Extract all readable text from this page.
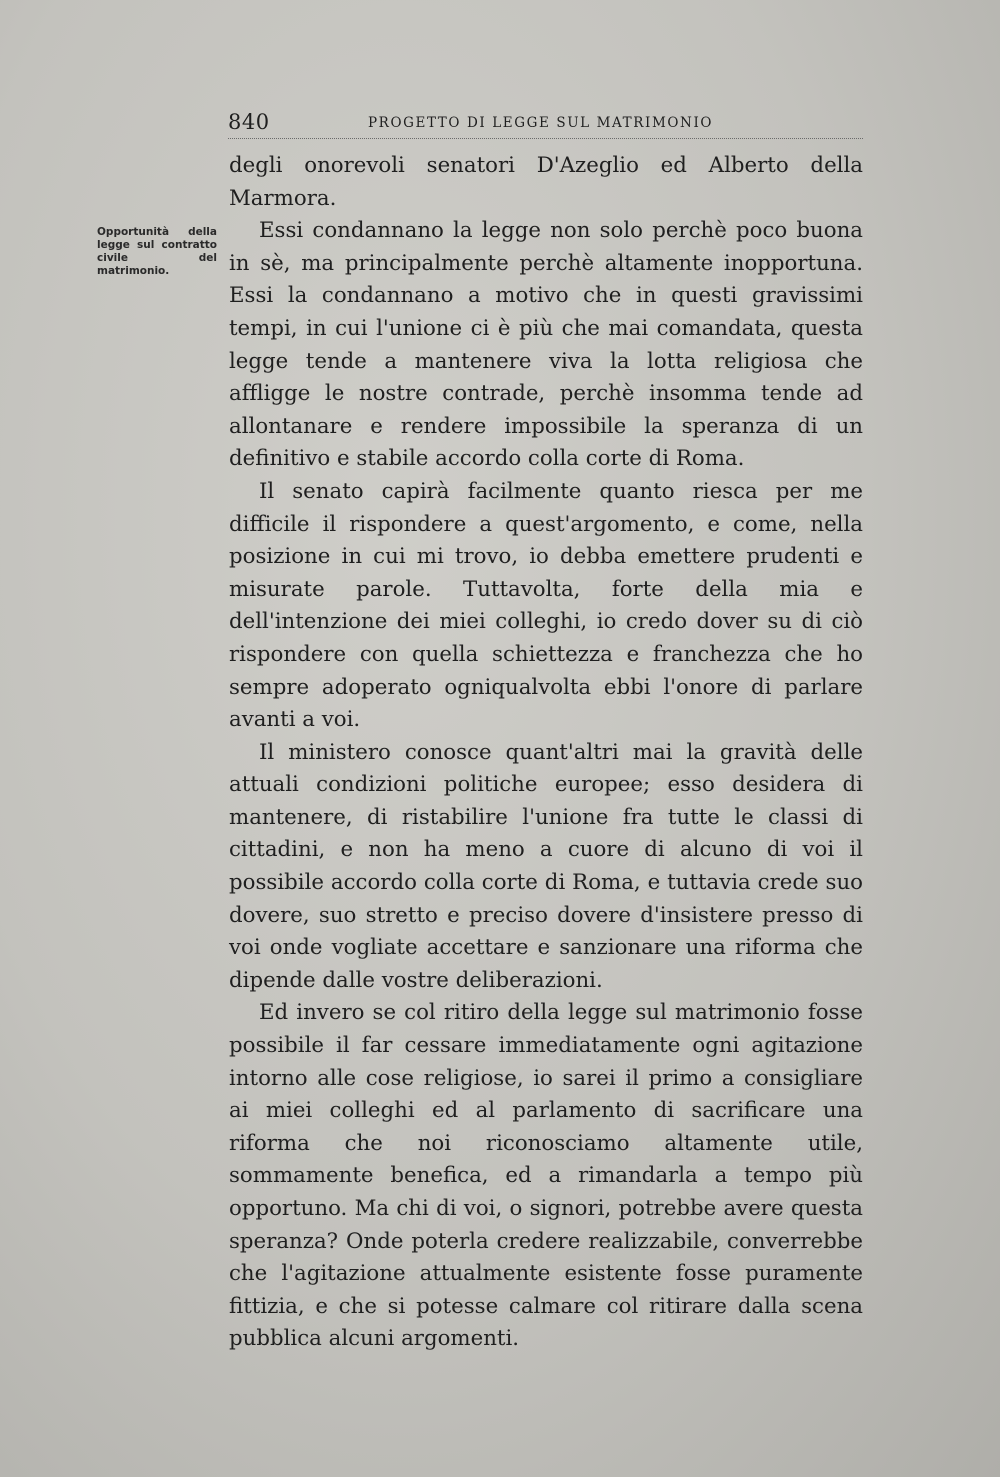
840	PROGETTO DI LEGGE SUL MATRIMONIO
Opportunità della legge sul contratto civile del matrimonio.

degli onorevoli senatori D'Azeglio ed Alberto della Marmora.

Essi condannano la legge non solo perchè poco buona in sè, ma principalmente perchè altamente inopportuna. Essi la condannano a motivo che in questi gravissimi tempi, in cui l'unione ci è più che mai comandata, questa legge tende a mantenere viva la lotta religiosa che affligge le nostre contrade, perchè insomma tende ad allontanare e rendere impossibile la speranza di un definitivo e stabile accordo colla corte di Roma.

Il senato capirà facilmente quanto riesca per me difficile il rispondere a quest'argomento, e come, nella posizione in cui mi trovo, io debba emettere prudenti e misurate parole. Tuttavolta, forte della mia e dell'intenzione dei miei colleghi, io credo dover su di ciò rispondere con quella schiettezza e franchezza che ho sempre adoperato ogniqualvolta ebbi l'onore di parlare avanti a voi.

Il ministero conosce quant'altri mai la gravità delle attuali condizioni politiche europee; esso desidera di mantenere, di ristabilire l'unione fra tutte le classi di cittadini, e non ha meno a cuore di alcuno di voi il possibile accordo colla corte di Roma, e tuttavia crede suo dovere, suo stretto e preciso dovere d'insistere presso di voi onde vogliate accettare e sanzionare una riforma che dipende dalle vostre deliberazioni.

Ed invero se col ritiro della legge sul matrimonio fosse possibile il far cessare immediatamente ogni agitazione intorno alle cose religiose, io sarei il primo a consigliare ai miei colleghi ed al parlamento di sacrificare una riforma che noi riconosciamo altamente utile, sommamente benefica, ed a rimandarla a tempo più opportuno. Ma chi di voi, o signori, potrebbe avere questa speranza? Onde poterla credere realizzabile, converrebbe che l'agitazione attualmente esistente fosse puramente fittizia, e che si potesse calmare col ritirare dalla scena pubblica alcuni argomenti.
